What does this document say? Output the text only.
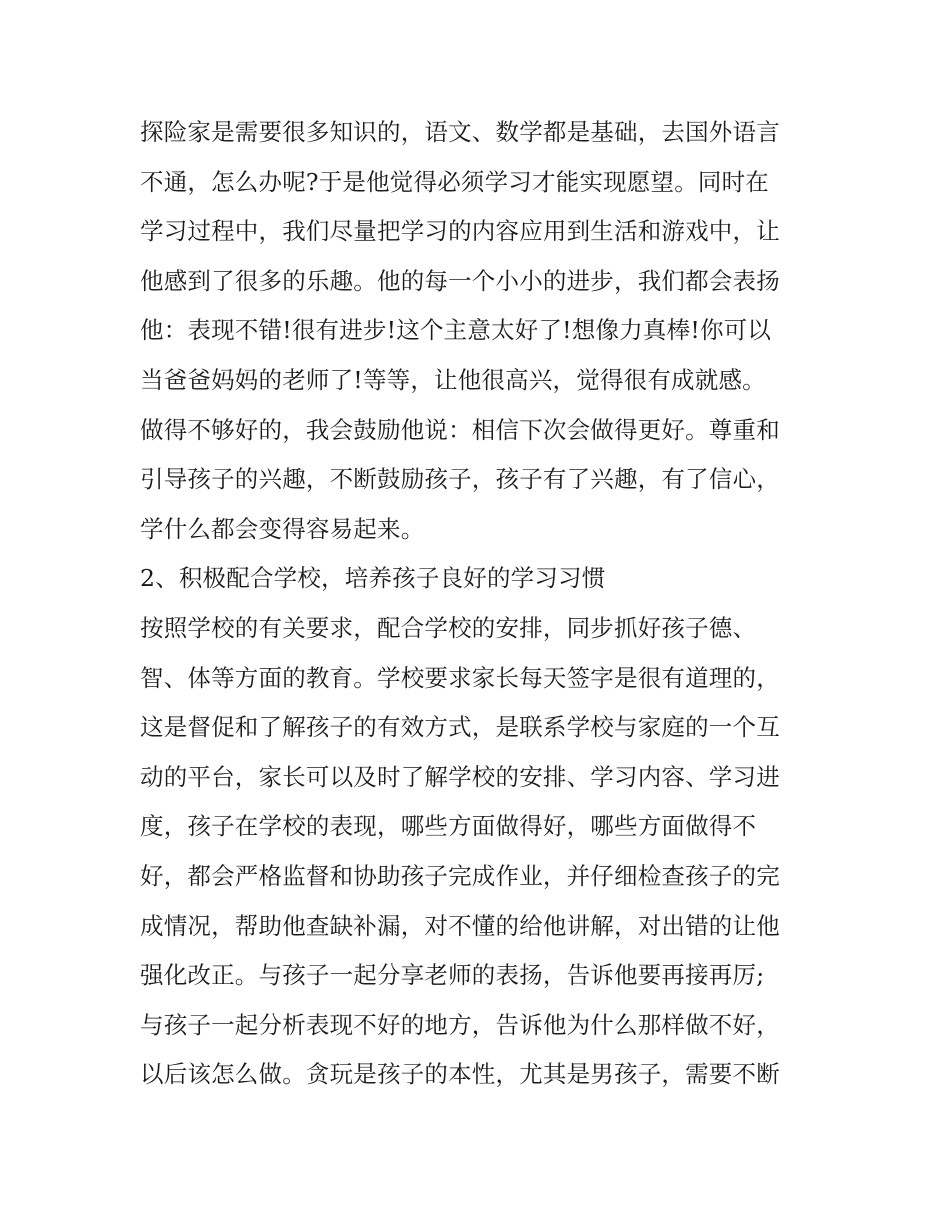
探险家是需要很多知识的，语文、数学都是基础，去国外语言
不通，怎么办呢?于是他觉得必须学习才能实现愿望。同时在
学习过程中，我们尽量把学习的内容应用到生活和游戏中，让
他感到了很多的乐趣。他的每一个小小的进步，我们都会表扬
他：表现不错!很有进步!这个主意太好了!想像力真棒!你可以
当爸爸妈妈的老师了!等等，让他很高兴，觉得很有成就感。
做得不够好的，我会鼓励他说：相信下次会做得更好。尊重和
引导孩子的兴趣，不断鼓励孩子，孩子有了兴趣，有了信心，
学什么都会变得容易起来。
2、积极配合学校，培养孩子良好的学习习惯
按照学校的有关要求，配合学校的安排，同步抓好孩子德、
智、体等方面的教育。学校要求家长每天签字是很有道理的，
这是督促和了解孩子的有效方式，是联系学校与家庭的一个互
动的平台，家长可以及时了解学校的安排、学习内容、学习进
度，孩子在学校的表现，哪些方面做得好，哪些方面做得不
好，都会严格监督和协助孩子完成作业，并仔细检查孩子的完
成情况，帮助他查缺补漏，对不懂的给他讲解，对出错的让他
强化改正。与孩子一起分享老师的表扬，告诉他要再接再厉;
与孩子一起分析表现不好的地方，告诉他为什么那样做不好，
以后该怎么做。贪玩是孩子的本性，尤其是男孩子，需要不断
